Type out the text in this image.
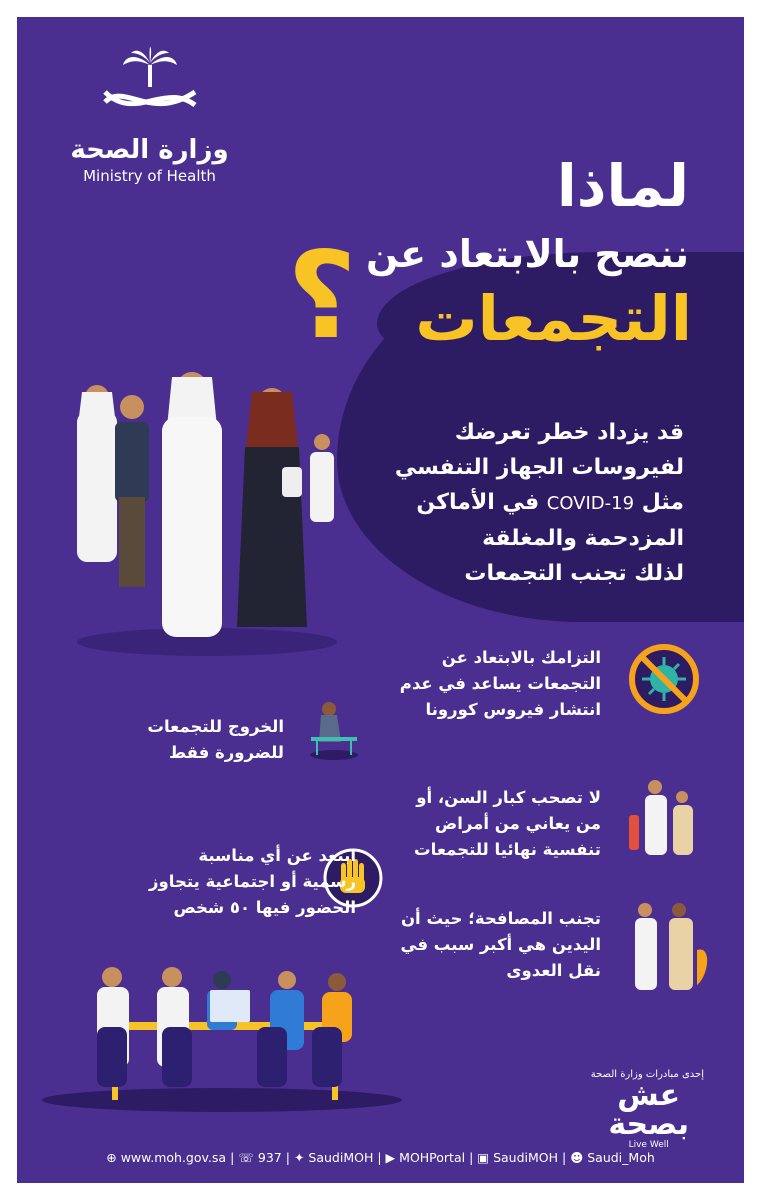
وزارة الصحة
Ministry of Health	لماذا
ننصح بالابتعاد عن
التجمعات
؟
قد يزداد خطر تعرضك
لفيروسات الجهاز التنفسي
مثل COVID-19 في الأماكن
المزدحمة والمغلقة
لذلك تجنب التجمعات
التزامك بالابتعاد عن
التجمعات يساعد في عدم
انتشار فيروس كورونا
الخروج للتجمعات
للضرورة فقط
لا تصحب كبار السن، أو
من يعاني من أمراض
تنفسية نهائيا للتجمعات
ابتعد عن أي مناسبة
رسمية أو اجتماعية يتجاوز
الحضور فيها ٥٠ شخص
تجنب المصافحة؛ حيث أن
اليدين هي أكبر سبب في
نقل العدوى
إحدى مبادرات وزارة الصحة
عش
بصحة
Live Well
⊕ www.moh.gov.sa | ☏ 937 | ✦ SaudiMOH | ▶ MOHPortal | ▣ SaudiMOH | ☻ Saudi_Moh
